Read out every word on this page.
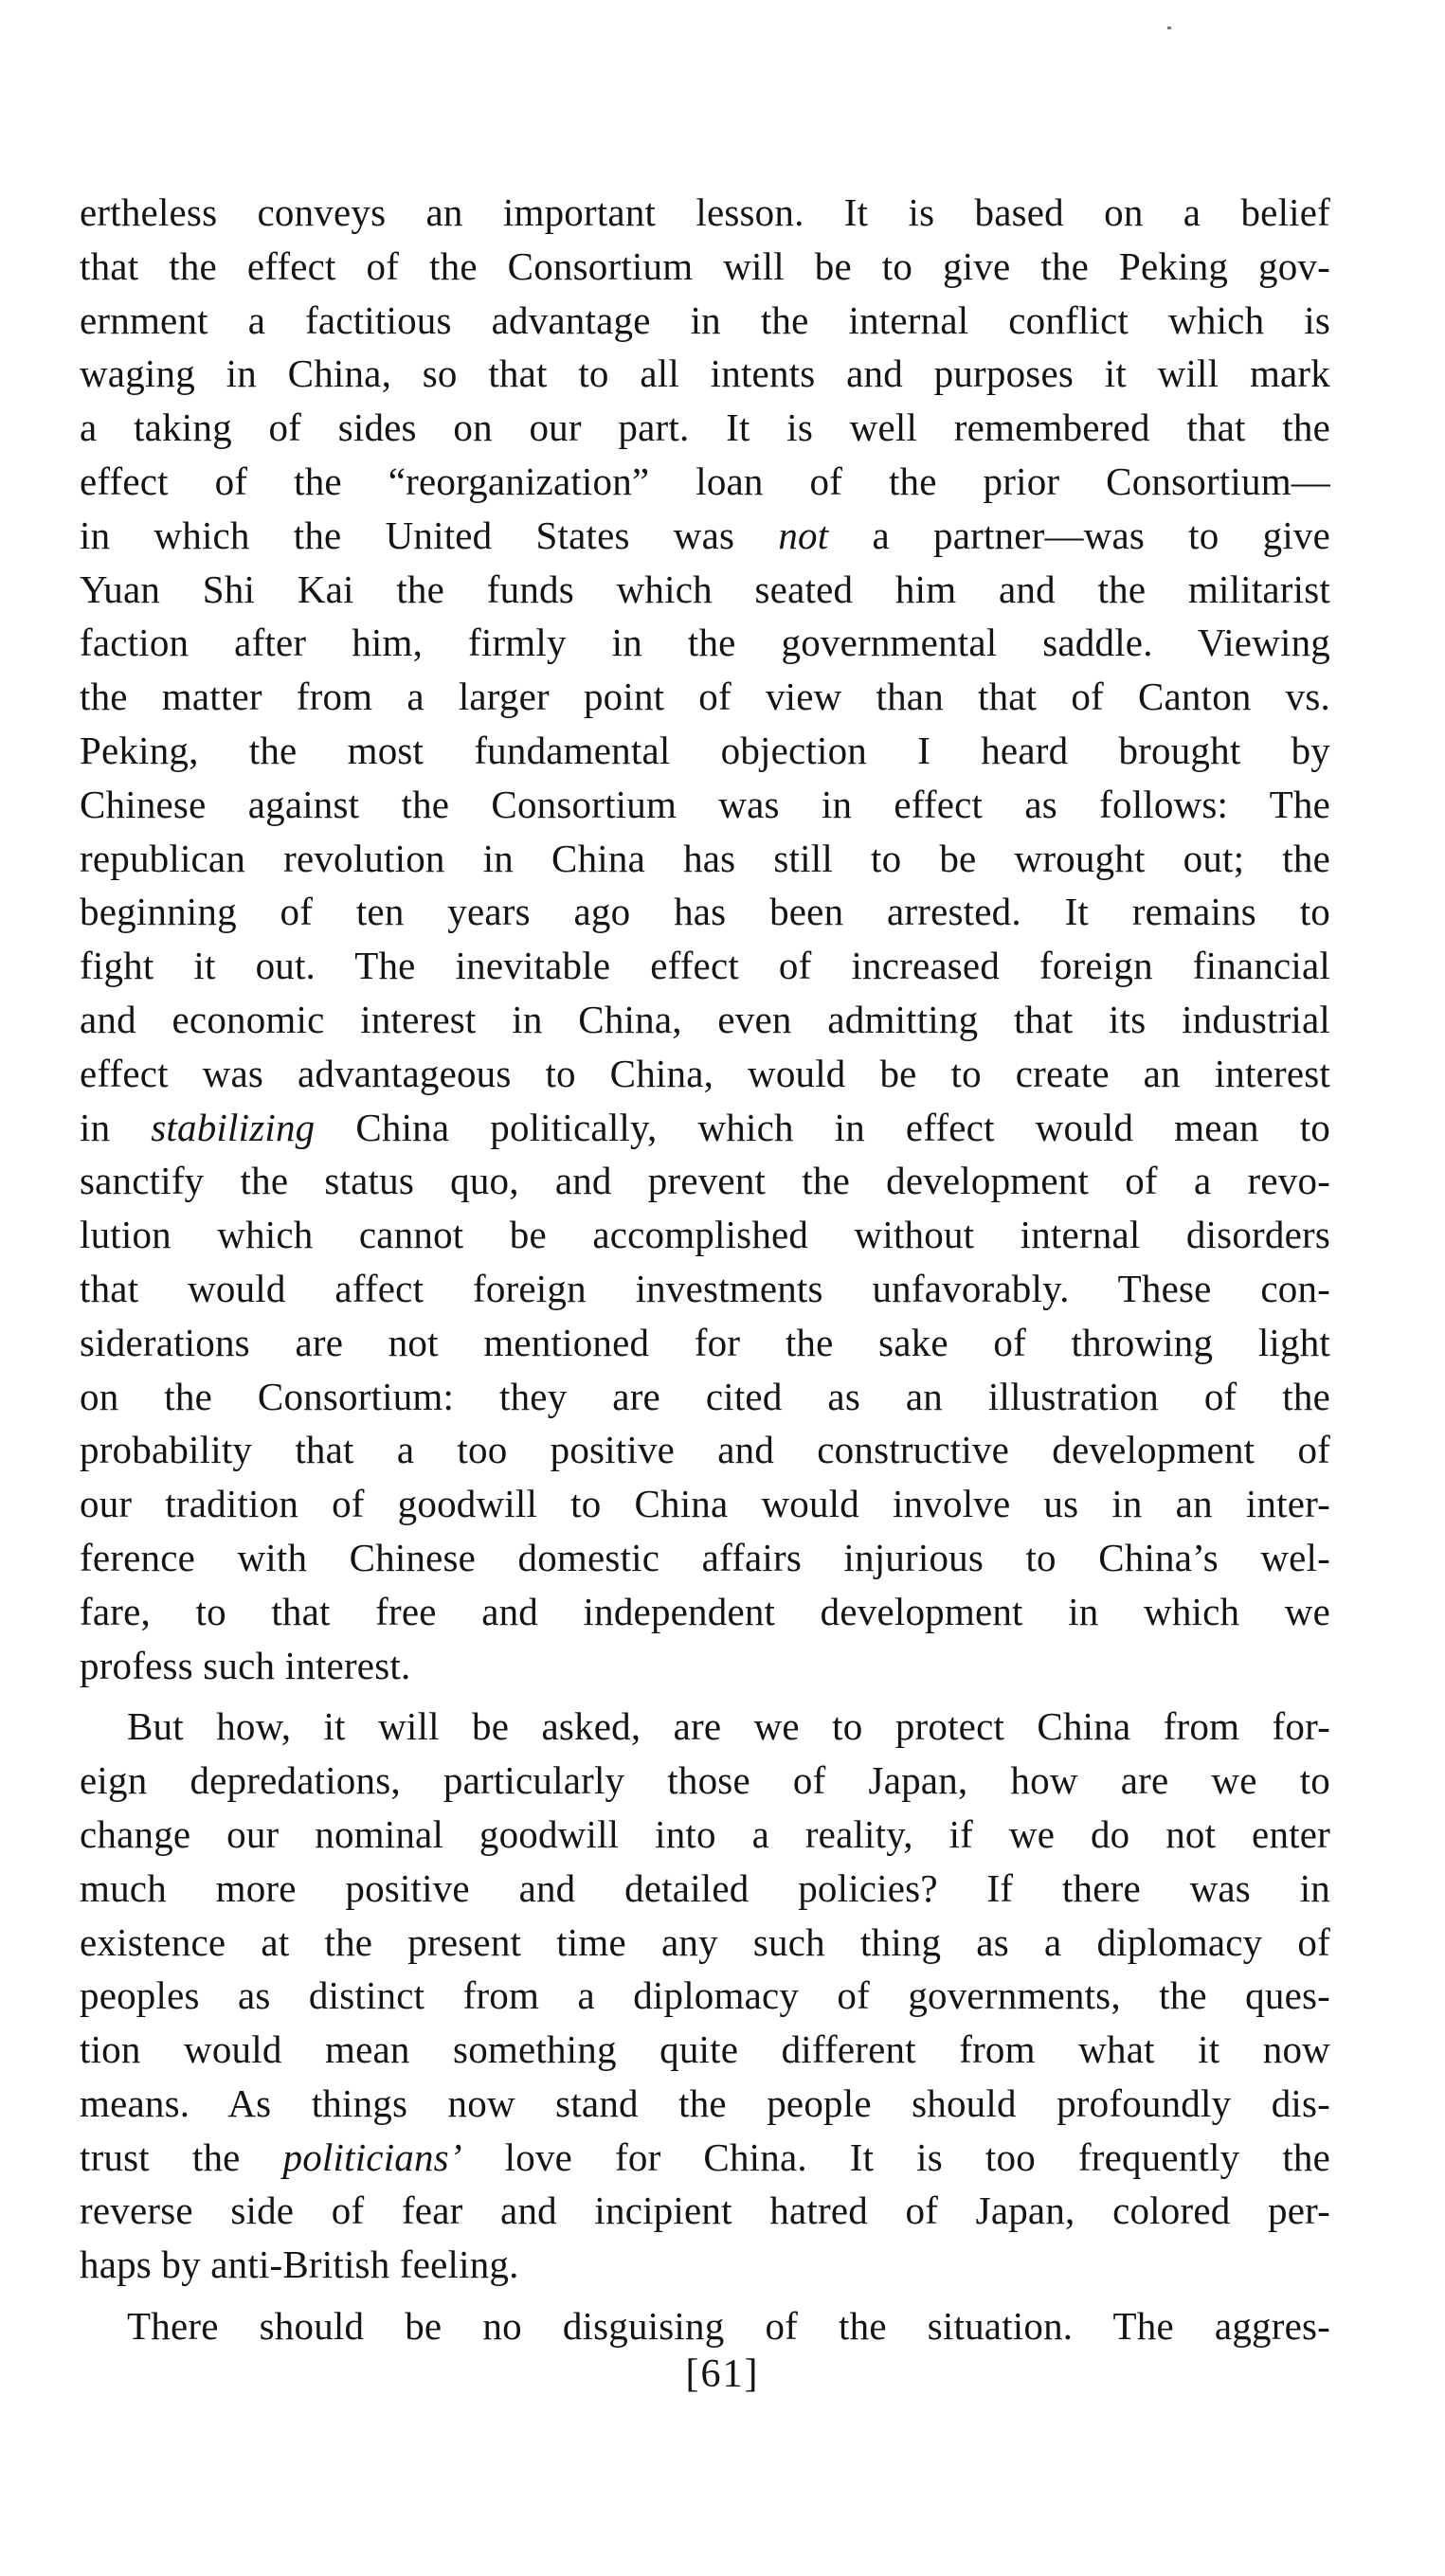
ertheless conveys an important lesson. It is based on a belief
that the effect of the Consortium will be to give the Peking gov-
ernment a factitious advantage in the internal conflict which is
waging in China, so that to all intents and purposes it will mark
a taking of sides on our part. It is well remembered that the
effect of the “reorganization” loan of the prior Consortium—
in which the United States was not a partner—was to give
Yuan Shi Kai the funds which seated him and the militarist
faction after him, firmly in the governmental saddle. Viewing
the matter from a larger point of view than that of Canton vs.
Peking, the most fundamental objection I heard brought by
Chinese against the Consortium was in effect as follows: The
republican revolution in China has still to be wrought out; the
beginning of ten years ago has been arrested. It remains to
fight it out. The inevitable effect of increased foreign financial
and economic interest in China, even admitting that its industrial
effect was advantageous to China, would be to create an interest
in stabilizing China politically, which in effect would mean to
sanctify the status quo, and prevent the development of a revo-
lution which cannot be accomplished without internal disorders
that would affect foreign investments unfavorably. These con-
siderations are not mentioned for the sake of throwing light
on the Consortium: they are cited as an illustration of the
probability that a too positive and constructive development of
our tradition of goodwill to China would involve us in an inter-
ference with Chinese domestic affairs injurious to China’s wel-
fare, to that free and independent development in which we
profess such interest.
But how, it will be asked, are we to protect China from for-
eign depredations, particularly those of Japan, how are we to
change our nominal goodwill into a reality, if we do not enter
much more positive and detailed policies? If there was in
existence at the present time any such thing as a diplomacy of
peoples as distinct from a diplomacy of governments, the ques-
tion would mean something quite different from what it now
means. As things now stand the people should profoundly dis-
trust the politicians’ love for China. It is too frequently the
reverse side of fear and incipient hatred of Japan, colored per-
haps by anti-British feeling.
There should be no disguising of the situation. The aggres-
[61]
